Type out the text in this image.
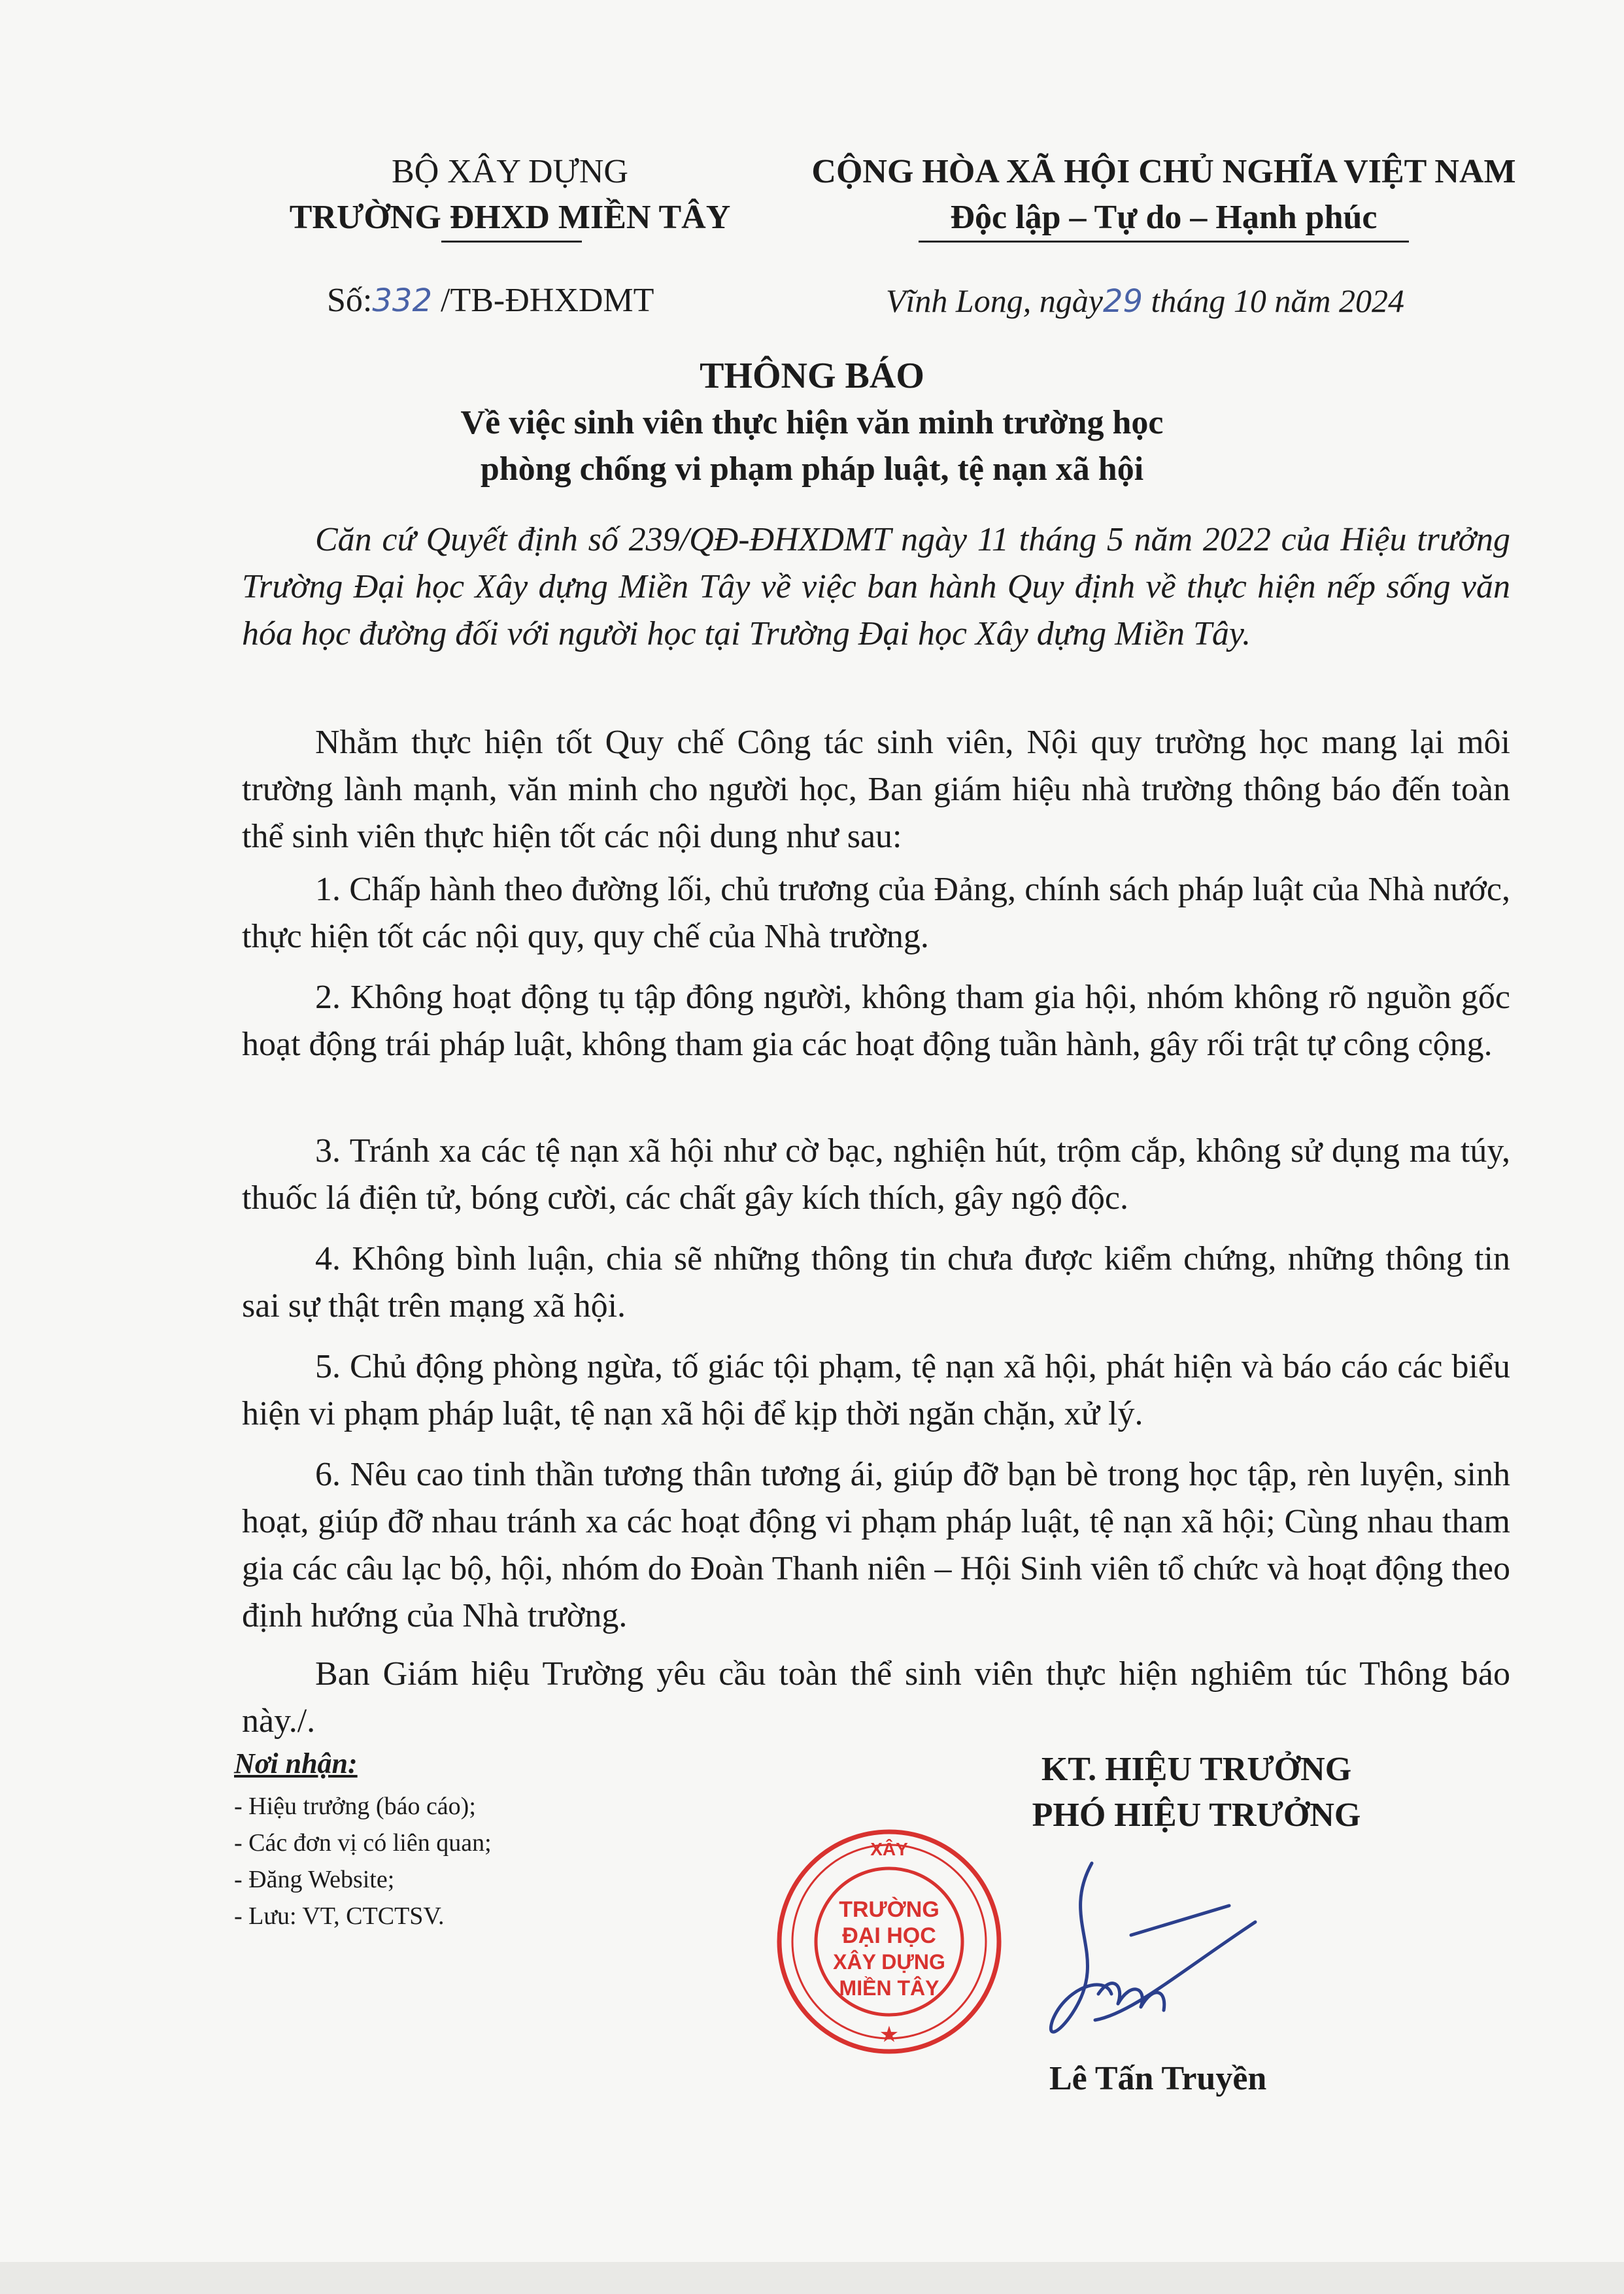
BỘ XÂY DỰNG
TRƯỜNG ĐHXD MIỀN TÂY
CỘNG HÒA XÃ HỘI CHỦ NGHĨA VIỆT NAM
Độc lập – Tự do – Hạnh phúc
Số:332 /TB-ĐHXDMT	Vĩnh Long, ngày29 tháng 10 năm 2024
THÔNG BÁO
Về việc sinh viên thực hiện văn minh trường học
phòng chống vi phạm pháp luật, tệ nạn xã hội

Căn cứ Quyết định số 239/QĐ-ĐHXDMT ngày 11 tháng 5 năm 2022 của Hiệu trưởng Trường Đại học Xây dựng Miền Tây về việc ban hành Quy định về thực hiện nếp sống văn hóa học đường đối với người học tại Trường Đại học Xây dựng Miền Tây.

Nhằm thực hiện tốt Quy chế Công tác sinh viên, Nội quy trường học mang lại môi trường lành mạnh, văn minh cho người học, Ban giám hiệu nhà trường thông báo đến toàn thể sinh viên thực hiện tốt các nội dung như sau:

1. Chấp hành theo đường lối, chủ trương của Đảng, chính sách pháp luật của Nhà nước, thực hiện tốt các nội quy, quy chế của Nhà trường.

2. Không hoạt động tụ tập đông người, không tham gia hội, nhóm không rõ nguồn gốc hoạt động trái pháp luật, không tham gia các hoạt động tuần hành, gây rối trật tự công cộng.

3. Tránh xa các tệ nạn xã hội như cờ bạc, nghiện hút, trộm cắp, không sử dụng ma túy, thuốc lá điện tử, bóng cười, các chất gây kích thích, gây ngộ độc.

4. Không bình luận, chia sẽ những thông tin chưa được kiểm chứng, những thông tin sai sự thật trên mạng xã hội.

5. Chủ động phòng ngừa, tố giác tội phạm, tệ nạn xã hội, phát hiện và báo cáo các biểu hiện vi phạm pháp luật, tệ nạn xã hội để kịp thời ngăn chặn, xử lý.

6. Nêu cao tinh thần tương thân tương ái, giúp đỡ bạn bè trong học tập, rèn luyện, sinh hoạt, giúp đỡ nhau tránh xa các hoạt động vi phạm pháp luật, tệ nạn xã hội; Cùng nhau tham gia các câu lạc bộ, hội, nhóm do Đoàn Thanh niên – Hội Sinh viên tổ chức và hoạt động theo định hướng của Nhà trường.

Ban Giám hiệu Trường yêu cầu toàn thể sinh viên thực hiện nghiêm túc Thông báo này./.

Nơi nhận:
- Hiệu trưởng (báo cáo);
- Các đơn vị có liên quan;
- Đăng Website;
- Lưu: VT, CTCTSV.
KT. HIỆU TRƯỞNG
PHÓ HIỆU TRƯỞNG
XÂY
TRƯỜNG
ĐẠI HỌC
XÂY DỰNG
MIỀN TÂY
★
Lê Tấn Truyền
